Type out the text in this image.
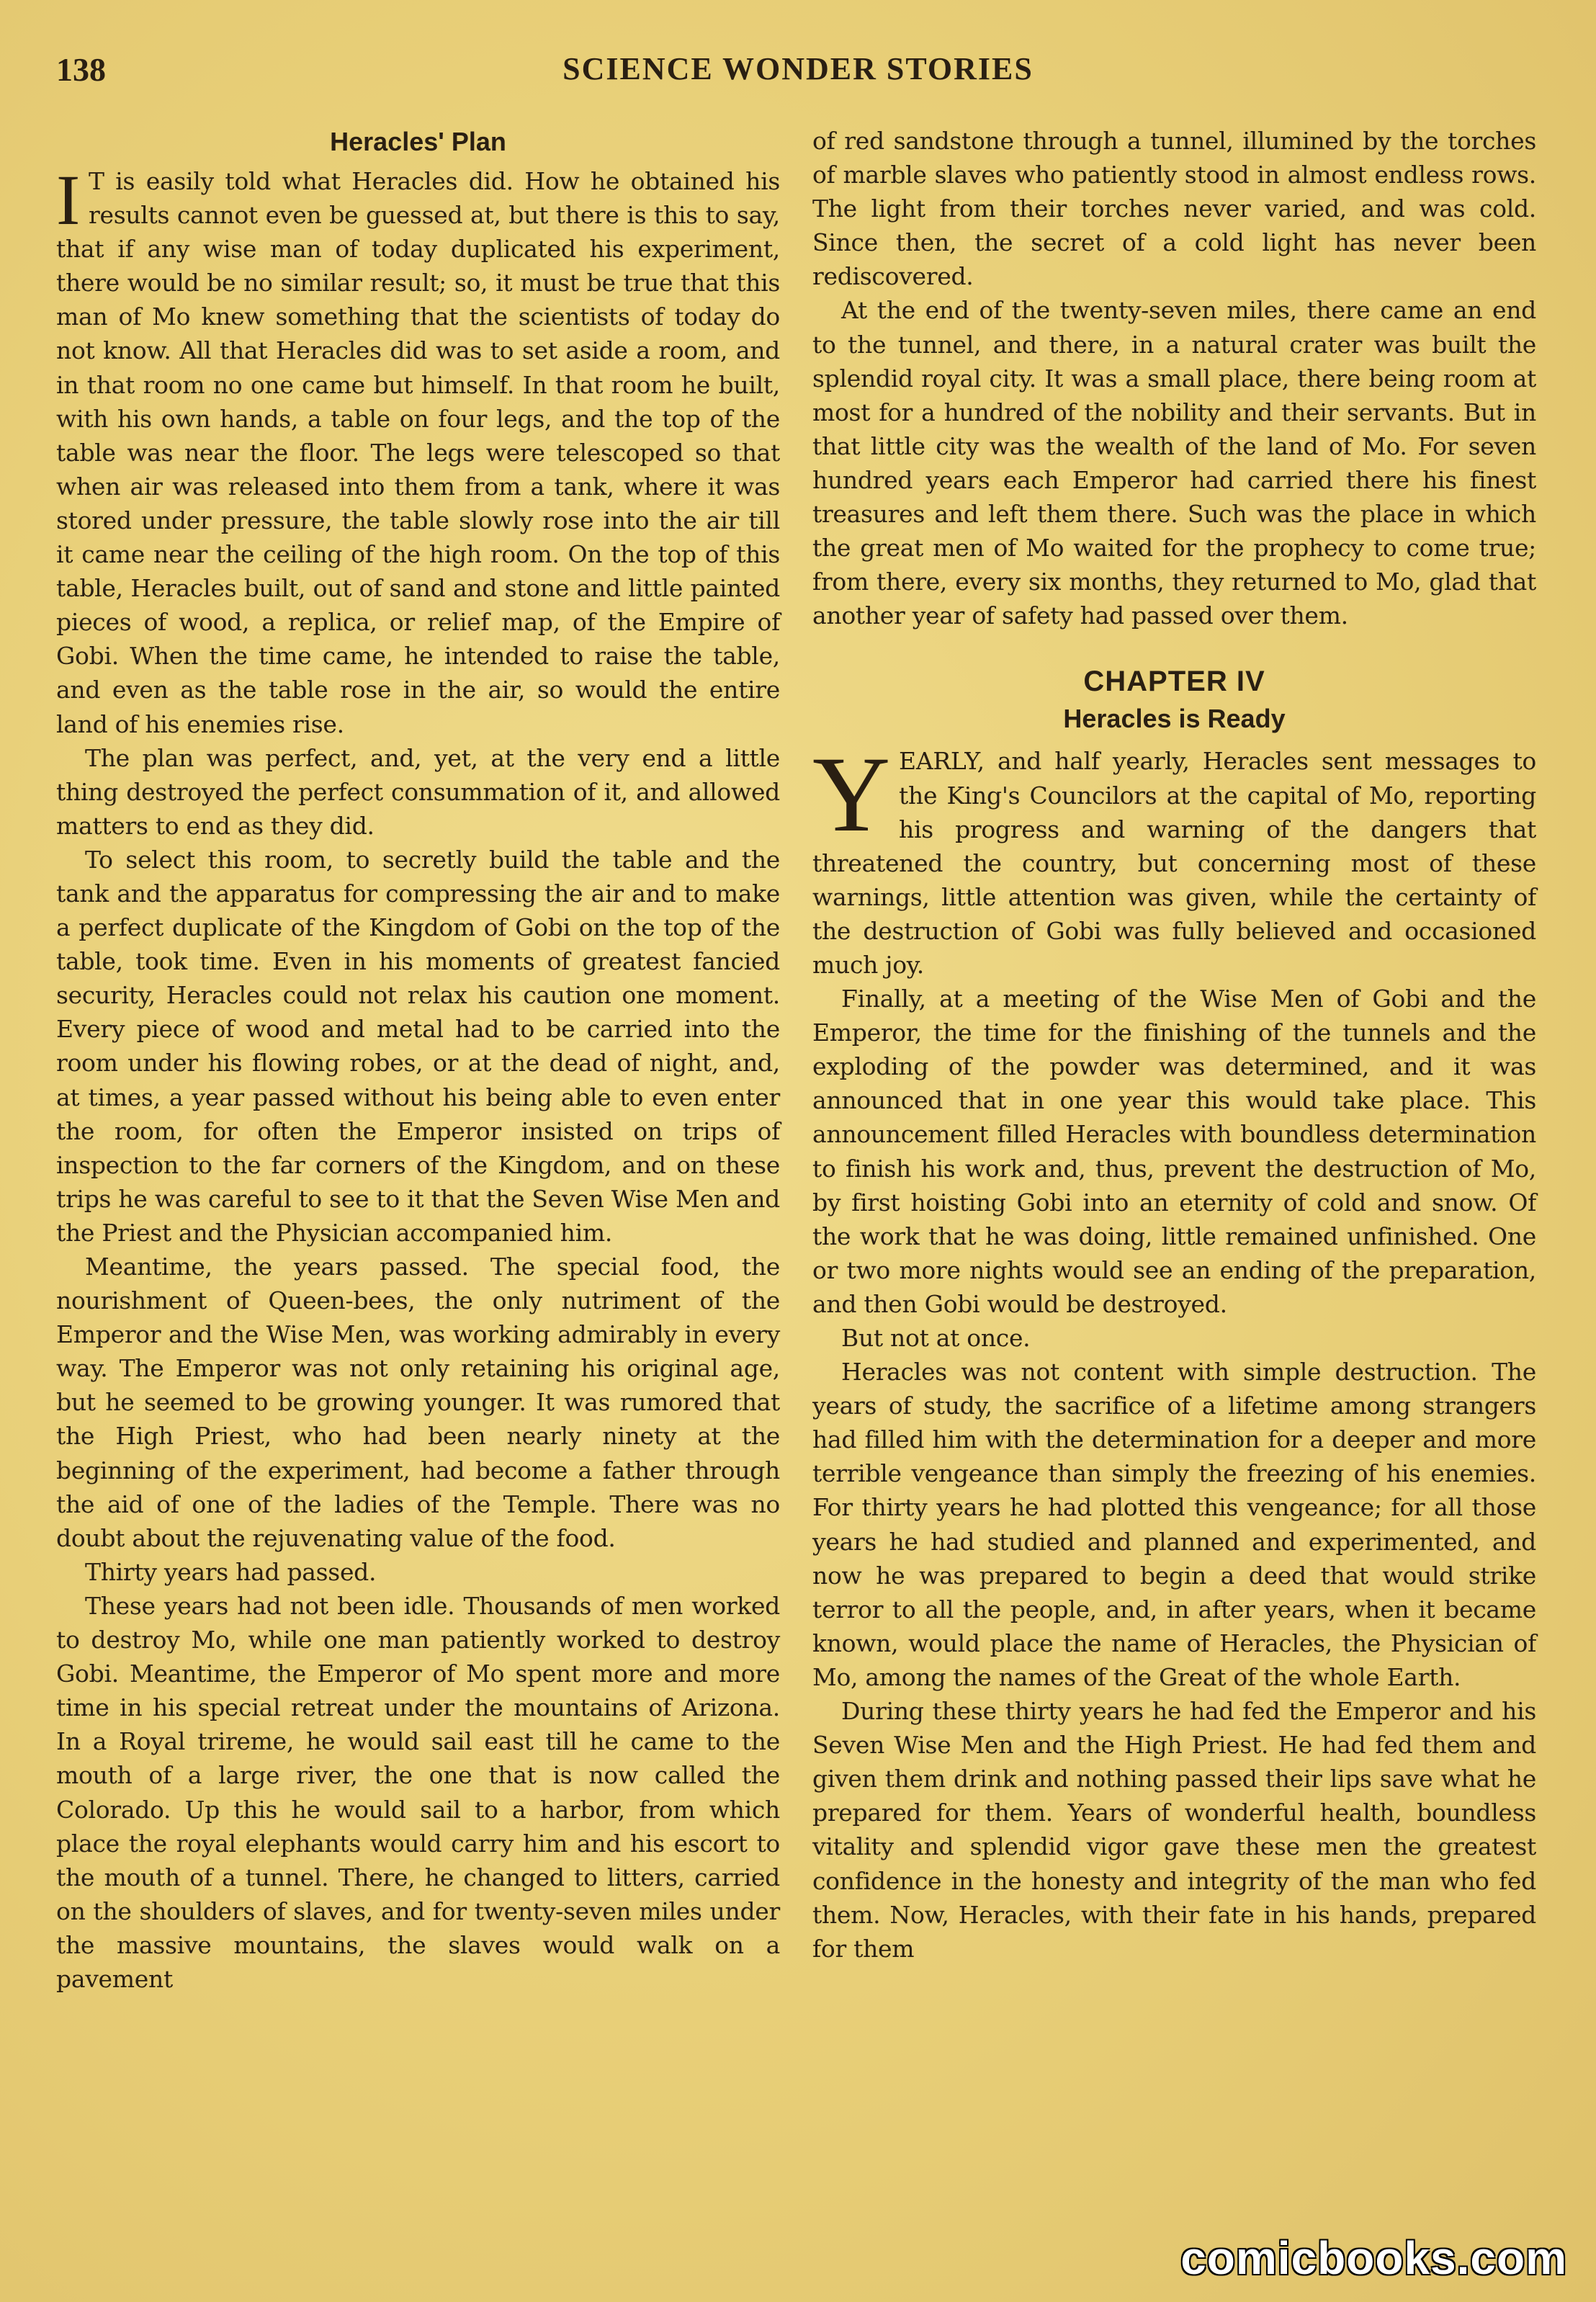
138	SCIENCE WONDER STORIES
Heracles' Plan

I T is easily told what Heracles did. How he obtained his results cannot even be guessed at, but there is this to say, that if any wise man of today duplicated his experiment, there would be no similar result; so, it must be true that this man of Mo knew something that the scientists of today do not know. All that Heracles did was to set aside a room, and in that room no one came but himself. In that room he built, with his own hands, a table on four legs, and the top of the table was near the floor. The legs were telescoped so that when air was released into them from a tank, where it was stored under pressure, the table slowly rose into the air till it came near the ceiling of the high room. On the top of this table, Heracles built, out of sand and stone and little painted pieces of wood, a replica, or relief map, of the Empire of Gobi. When the time came, he intended to raise the table, and even as the table rose in the air, so would the entire land of his enemies rise.

The plan was perfect, and, yet, at the very end a little thing destroyed the perfect consummation of it, and allowed matters to end as they did.

To select this room, to secretly build the table and the tank and the apparatus for compressing the air and to make a perfect duplicate of the Kingdom of Gobi on the top of the table, took time. Even in his moments of greatest fancied security, Heracles could not relax his caution one moment. Every piece of wood and metal had to be carried into the room under his flowing robes, or at the dead of night, and, at times, a year passed without his being able to even enter the room, for often the Emperor insisted on trips of inspection to the far corners of the Kingdom, and on these trips he was careful to see to it that the Seven Wise Men and the Priest and the Physician accompanied him.

Meantime, the years passed. The special food, the nourishment of Queen-bees, the only nutriment of the Emperor and the Wise Men, was working admirably in every way. The Emperor was not only retaining his original age, but he seemed to be growing younger. It was rumored that the High Priest, who had been nearly ninety at the beginning of the experiment, had become a father through the aid of one of the ladies of the Temple. There was no doubt about the rejuvenating value of the food.

Thirty years had passed.

These years had not been idle. Thousands of men worked to destroy Mo, while one man patiently worked to destroy Gobi. Meantime, the Emperor of Mo spent more and more time in his special retreat under the mountains of Arizona. In a Royal trireme, he would sail east till he came to the mouth of a large river, the one that is now called the Colorado. Up this he would sail to a harbor, from which place the royal elephants would carry him and his escort to the mouth of a tunnel. There, he changed to litters, carried on the shoulders of slaves, and for twenty-seven miles under the massive mountains, the slaves would walk on a pavement

of red sandstone through a tunnel, illumined by the torches of marble slaves who patiently stood in almost endless rows. The light from their torches never varied, and was cold. Since then, the secret of a cold light has never been rediscovered.

At the end of the twenty-seven miles, there came an end to the tunnel, and there, in a natural crater was built the splendid royal city. It was a small place, there being room at most for a hundred of the nobility and their servants. But in that little city was the wealth of the land of Mo. For seven hundred years each Emperor had carried there his finest treasures and left them there. Such was the place in which the great men of Mo waited for the prophecy to come true; from there, every six months, they returned to Mo, glad that another year of safety had passed over them.

CHAPTER IV
Heracles is Ready

YEARLY, and half yearly, Heracles sent messages to the King's Councilors at the capital of Mo, reporting his progress and warning of the dangers that threatened the country, but concerning most of these warnings, little attention was given, while the certainty of the destruction of Gobi was fully believed and occasioned much joy.

Finally, at a meeting of the Wise Men of Gobi and the Emperor, the time for the finishing of the tunnels and the exploding of the powder was determined, and it was announced that in one year this would take place. This announcement filled Heracles with boundless determination to finish his work and, thus, prevent the destruction of Mo, by first hoisting Gobi into an eternity of cold and snow. Of the work that he was doing, little remained unfinished. One or two more nights would see an ending of the preparation, and then Gobi would be destroyed.

But not at once.

Heracles was not content with simple destruction. The years of study, the sacrifice of a lifetime among strangers had filled him with the determination for a deeper and more terrible vengeance than simply the freezing of his enemies. For thirty years he had plotted this vengeance; for all those years he had studied and planned and experimented, and now he was prepared to begin a deed that would strike terror to all the people, and, in after years, when it became known, would place the name of Heracles, the Physician of Mo, among the names of the Great of the whole Earth.

During these thirty years he had fed the Emperor and his Seven Wise Men and the High Priest. He had fed them and given them drink and nothing passed their lips save what he prepared for them. Years of wonderful health, boundless vitality and splendid vigor gave these men the greatest confidence in the honesty and integrity of the man who fed them. Now, Heracles, with their fate in his hands, prepared for them

comicbooks.com
